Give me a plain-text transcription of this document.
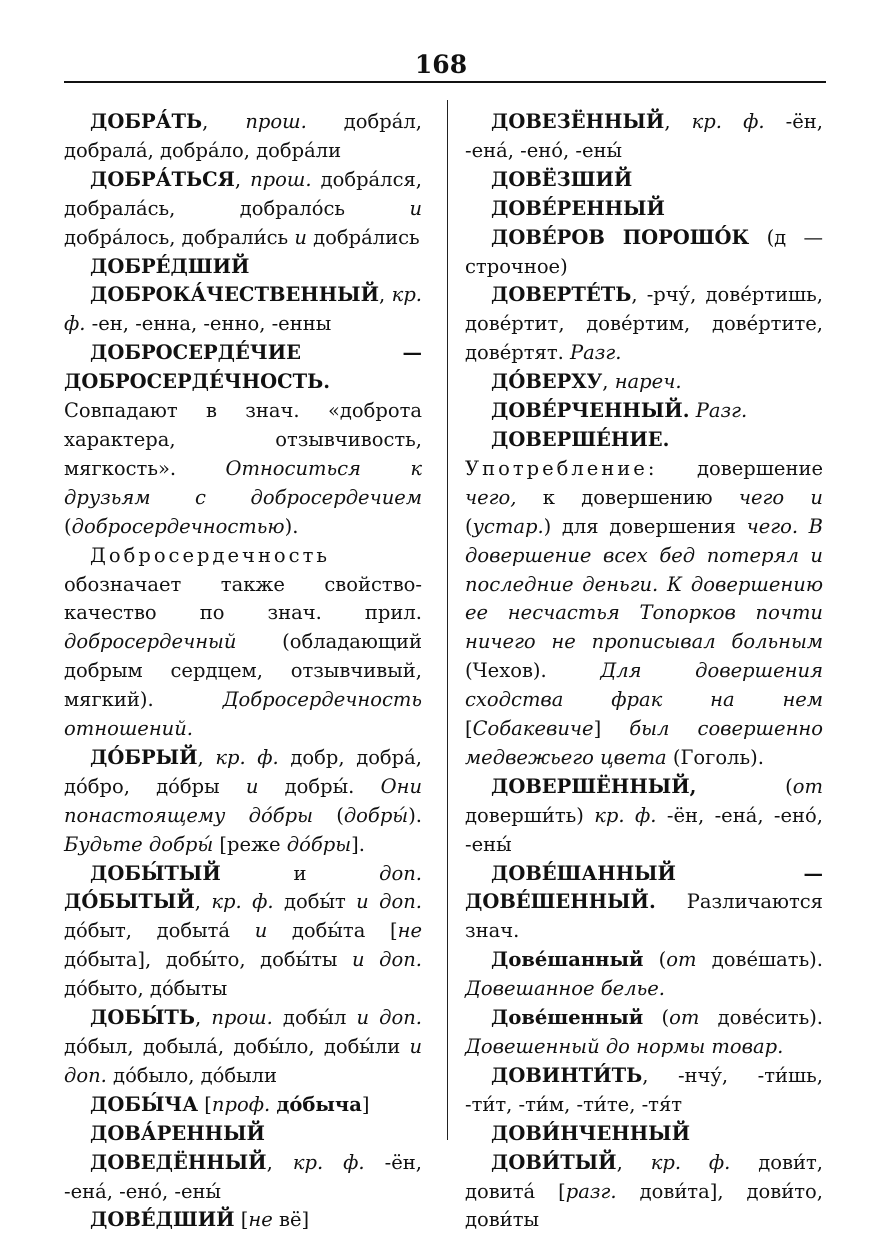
168

ДОБРА́ТЬ, прош. добра́л, добрала́, добра́ло, добра́ли

ДОБРА́ТЬСЯ, прош. добра́лся, добрала́сь, добрало́сь и добра́лось, добрали́сь и добра́лись

ДОБРЕ́ДШИЙ

ДОБРОКА́ЧЕСТВЕННЫЙ, кр. ф. -ен, -енна, -енно, -енны

ДОБРОСЕРДЕ́ЧИЕ — ДОБРОСЕРДЕ́ЧНОСТЬ. Совпадают в знач. «доброта характера, отзывчивость, мягкость». Относиться к друзьям с добросердечием (добросердечностью).

Добросердечность обозначает также свойство-качество по знач. прил. добросердечный (обладающий добрым сердцем, отзывчивый, мягкий). Добросердечность отношений.

ДО́БРЫЙ, кр. ф. добр, добра́, до́бро, до́бры и добры́. Они понастоящему до́бры (добры́). Будьте добры́ [реже до́бры].

ДОБЫ́ТЫЙ и доп. ДО́БЫТЫЙ, кр. ф. добы́т и доп. до́быт, добыта́ и добы́та [не до́быта], добы́то, добы́ты и доп. до́быто, до́быты

ДОБЫ́ТЬ, прош. добы́л и доп. до́был, добыла́, добы́ло, добы́ли и доп. до́было, до́были

ДОБЫ́ЧА [проф. до́быча]

ДОВА́РЕННЫЙ

ДОВЕДЁННЫЙ, кр. ф. -ён, -ена́, -ено́, -ены́

ДОВЕ́ДШИЙ [не вё]

ДОВЕЗЁННЫЙ, кр. ф. -ён, -ена́, -ено́, -ены́

ДОВЁЗШИЙ

ДОВЕ́РЕННЫЙ

ДОВЕ́РОВ ПОРОШО́К (д — строчное)

ДОВЕРТЕ́ТЬ, -рчу́, дове́ртишь, дове́ртит, дове́ртим, дове́ртите, дове́ртят. Разг.

ДО́ВЕРХУ, нареч.

ДОВЕ́РЧЕННЫЙ. Разг.

ДОВЕРШЕ́НИЕ. Употребление: довершение чего, к довершению чего и (устар.) для довершения чего. В довершение всех бед потерял и последние деньги. К довершению ее несчастья Топорков почти ничего не прописывал больным (Чехов). Для довершения сходства фрак на нем [Собакевиче] был совершенно медвежьего цвета (Гоголь).

ДОВЕРШЁННЫЙ, (от доверши́ть) кр. ф. -ён, -ена́, -ено́, -ены́

ДОВЕ́ШАННЫЙ — ДОВЕ́ШЕННЫЙ. Различаются знач.

Дове́шанный (от дове́шать). Довешанное белье.

Дове́шенный (от дове́сить). Довешенный до нормы товар.

ДОВИНТИ́ТЬ, -нчу́, -ти́шь, -ти́т, -ти́м, -ти́те, -тя́т

ДОВИ́НЧЕННЫЙ

ДОВИ́ТЫЙ, кр. ф. дови́т, довита́ [разг. дови́та], дови́то, дови́ты
